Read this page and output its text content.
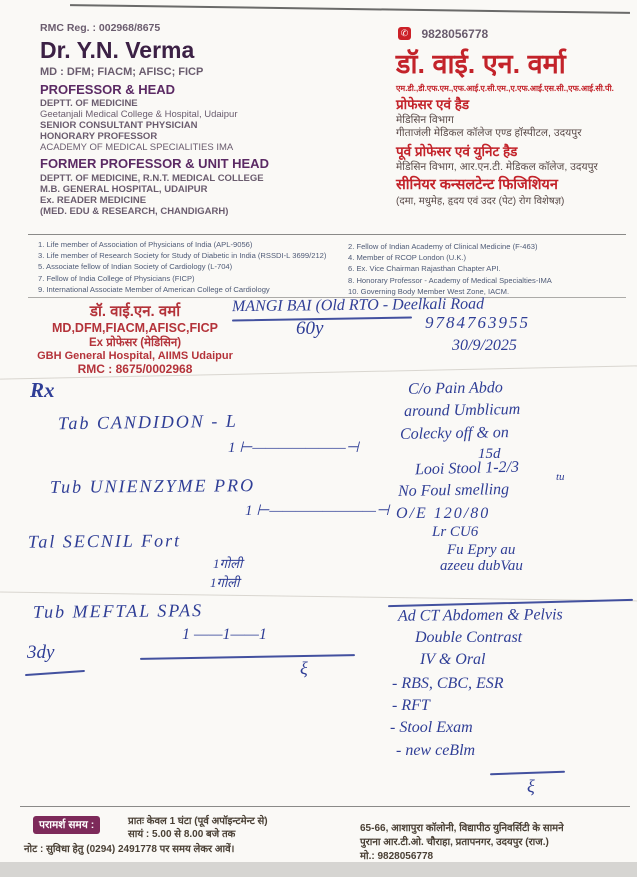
RMC Reg. : 002968/8675
Dr. Y.N. Verma
MD : DFM; FIACM; AFISC; FICP
PROFESSOR & HEAD
DEPTT. OF MEDICINE
Geetanjali Medical College & Hospital, Udaipur
SENIOR CONSULTANT PHYSICIAN
HONORARY PROFESSOR
ACADEMY OF MEDICAL SPECIALITIES IMA
FORMER PROFESSOR & UNIT HEAD
DEPTT. OF MEDICINE, R.N.T. MEDICAL COLLEGE
M.B. GENERAL HOSPITAL, UDAIPUR
Ex. READER MEDICINE
(MED. EDU & RESEARCH, CHANDIGARH)
✆ 9828056778
डॉ. वाई. एन. वर्मा
एम.डी.,डी.एफ.एम.,एफ.आई.ए.सी.एम.,ए.एफ.आई.एस.सी.,एफ.आई.सी.पी.
प्रोफेसर एवं हैड
मेडिसिन विभाग
गीताजंली मेडिकल कॉलेज एण्ड हॉस्पीटल, उदयपुर
पूर्व प्रोफेसर एवं युनिट हैड
मेडिसिन विभाग, आर.एन.टी. मेडिकल कॉलेज, उदयपुर
सीनियर कन्सलटेन्ट फिजिशियन
(दमा, मधुमेह, हृदय एवं उदर (पेट) रोग विशेषज्ञ)
1. Life member of Association of Physicians of India (APL-9056)
3. Life member of Research Society for Study of Diabetic in India (RSSDI-L 3699/212)
5. Associate fellow of Indian Society of Cardiology (L-704)
7. Fellow of India College of Physicians (FICP)
9. International Associate Member of American College of Cardiology
2. Fellow of Indian Academy of Clinical Medicine (F-463)
4. Member of RCOP London (U.K.)
6. Ex. Vice Chairman Rajasthan Chapter API.
8. Honorary Professor - Academy of Medical Specialties-IMA
10. Governing Body Member West Zone, IACM.
डॉ. वाई.एन. वर्मा
MD,DFM,FIACM,AFISC,FICP
Ex प्रोफेसर (मेडिसिन)
GBH General Hospital, AIIMS Udaipur
RMC : 8675/0002968
MANGI BAI (Old RTO - Deelkali Road
60y	9784763955
30/9/2025
Rx
Tab CANDIDON - L
1 ⊢———————⊣
Tub UNIENZYME PRO
1 ⊢————————⊣
Tal SECNIL Fort
1गोली
1गोली
Tub MEFTAL SPAS
1 ——1——1
3dy
ξ
C/o Pain Abdo
around Umblicum
Colecky off & on
15d
Looi Stool 1-2/3	tu
No Foul smelling
O/E 120/80
Lr CU6
Fu Epry au
azeeu dubVau
Ad CT Abdomen & Pelvis
Double Contrast
IV & Oral
- RBS, CBC, ESR
- RFT
- Stool Exam
- new ceBlm
ξ
परामर्श समय :	प्रातः केवल 1 घंटा (पूर्व अपॉइन्टमेन्ट से)
सायं : 5.00 से 8.00 बजे तक
नोट : सुविधा हेतु (0294) 2491778 पर समय लेकर आवें।
65-66, आशापुरा कॉलोनी, विद्यापीठ युनिवर्सिटी के सामने
पुराना आर.टी.ओ. चौराहा, प्रतापनगर, उदयपुर (राज.)
मो.: 9828056778
